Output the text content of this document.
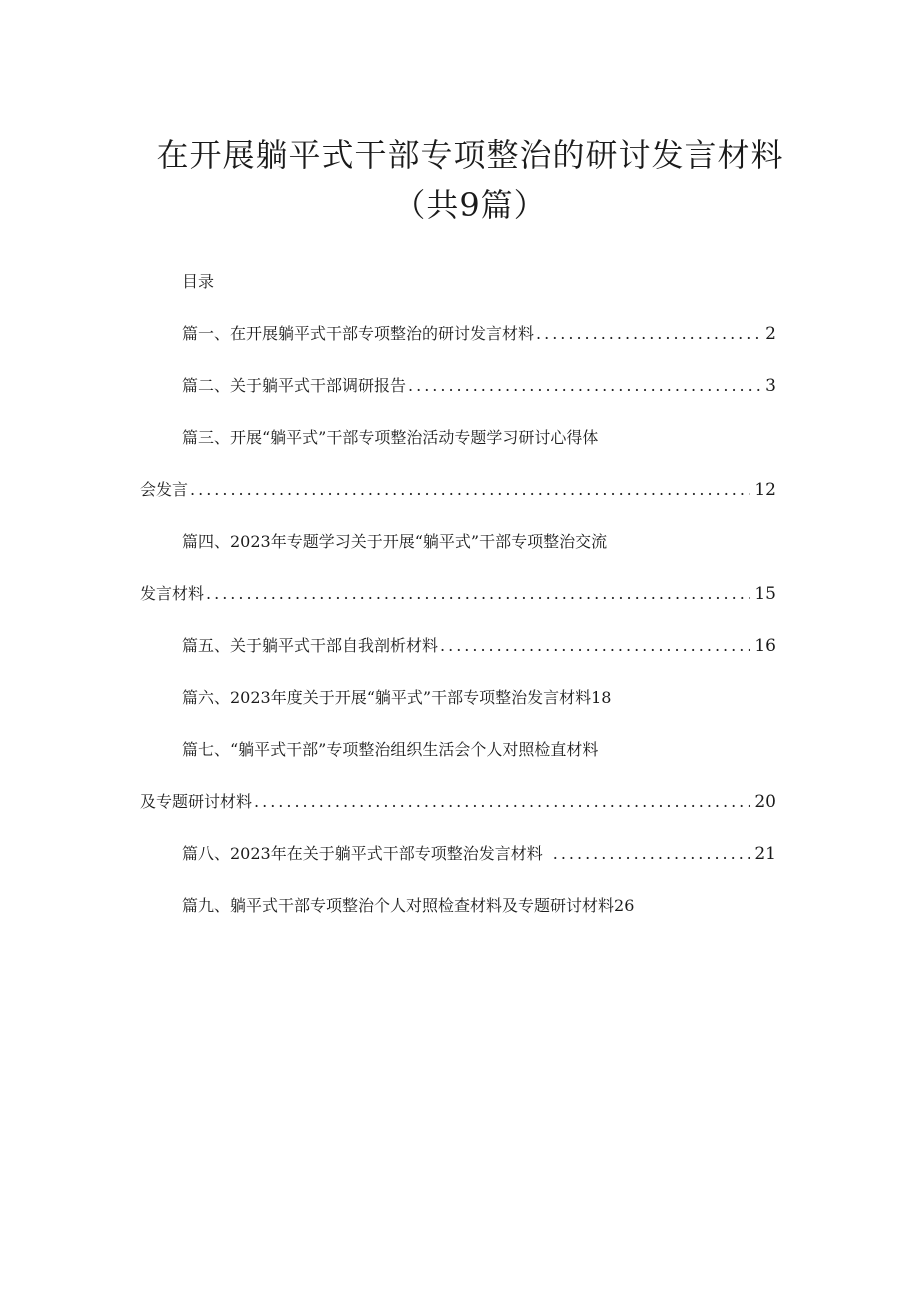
在开展躺平式干部专项整治的研讨发言材料（共9篇）
目录
篇一、在开展躺平式干部专项整治的研讨发言材料 .....	2
篇二、关于躺平式干部调研报告 .....	3
篇三、开展“躺平式”干部专项整治活动专题学习研讨心得体
会发言 .....	12
篇四、2023年专题学习关于开展“躺平式”干部专项整治交流
发言材料 .....	15
篇五、关于躺平式干部自我剖析材料 .....	16
篇六、2023年度关于开展“躺平式”干部专项整治发言材料18
篇七、“躺平式干部”专项整治组织生活会个人对照检直材料
及专题研讨材料 .....	20
篇八、2023年在关于躺平式干部专项整治发言材料 .....	21
篇九、躺平式干部专项整治个人对照检查材料及专题研讨材料26
